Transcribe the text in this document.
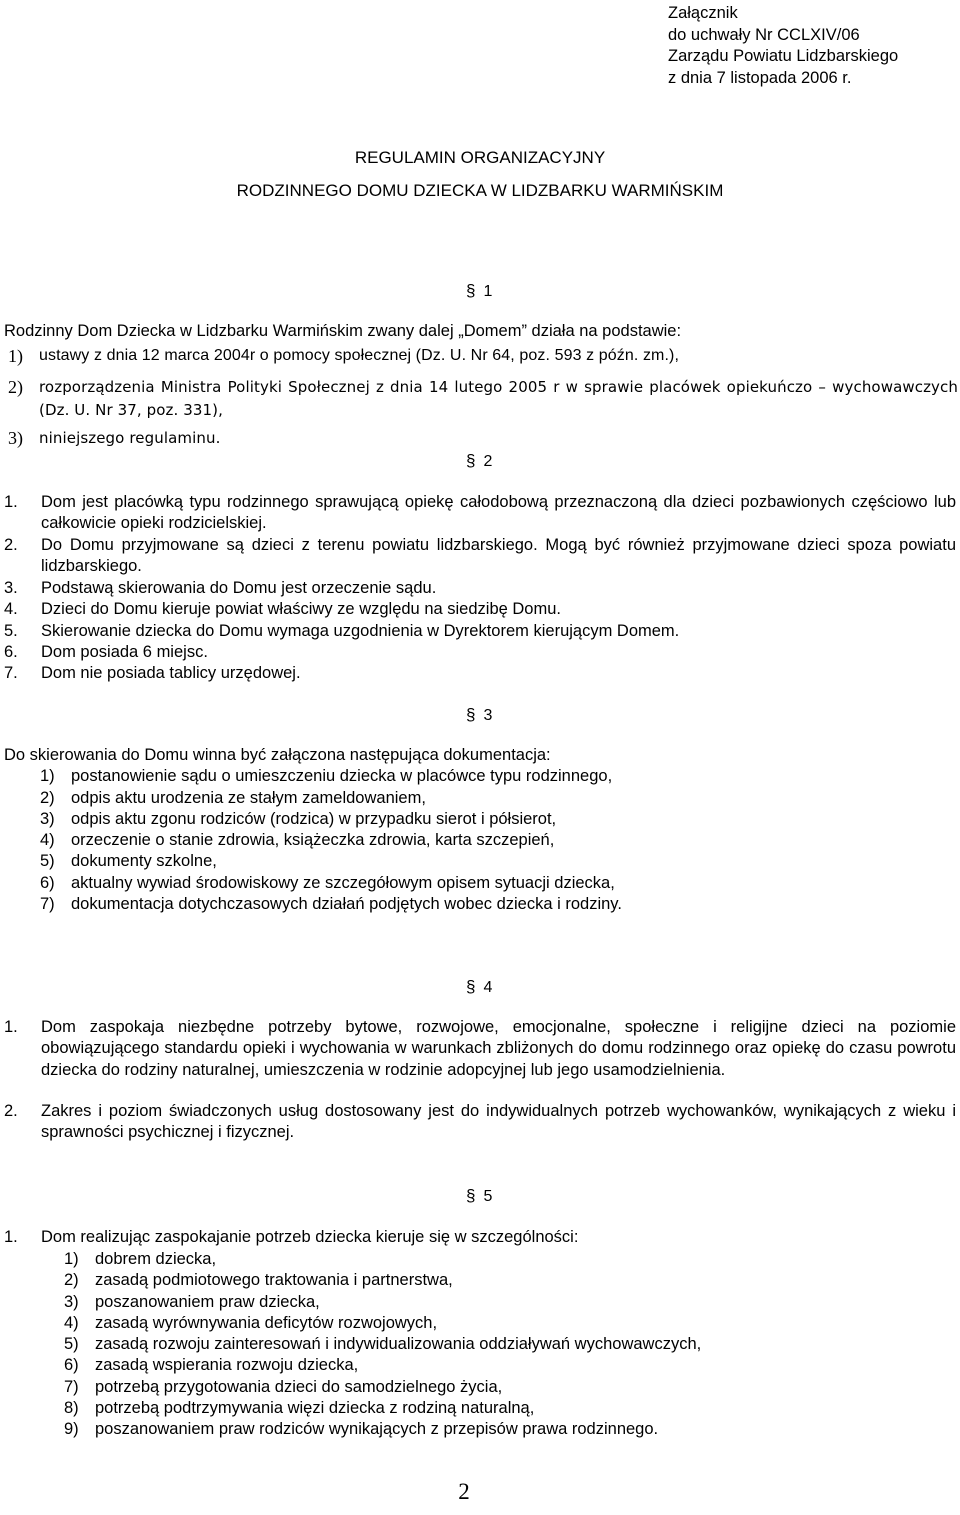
Załącznik
do uchwały Nr CCLXIV/06
Zarządu Powiatu Lidzbarskiego
z dnia 7 listopada 2006 r.
REGULAMIN ORGANIZACYJNY
RODZINNEGO DOMU DZIECKA W LIDZBARKU WARMIŃSKIM
§ 1
Rodzinny Dom Dziecka w Lidzbarku Warmińskim zwany dalej „Domem” działa na podstawie:
1)	ustawy z dnia 12 marca 2004r o pomocy społecznej (Dz. U. Nr 64, poz. 593 z późn. zm.),
2)	rozporządzenia Ministra Polityki Społecznej z dnia 14 lutego 2005 r w sprawie placówek opiekuńczo – wychowawczych (Dz. U. Nr 37, poz. 331),
3)	niniejszego regulaminu.
§ 2
1.	Dom jest placówką typu rodzinnego sprawującą opiekę całodobową przeznaczoną dla dzieci pozbawionych częściowo lub całkowicie opieki rodzicielskiej.
2.	Do Domu przyjmowane są dzieci z terenu powiatu lidzbarskiego. Mogą być również przyjmowane dzieci spoza powiatu lidzbarskiego.
3.	Podstawą skierowania do Domu jest orzeczenie sądu.
4.	Dzieci do Domu kieruje powiat właściwy ze względu na siedzibę Domu.
5.	Skierowanie dziecka do Domu wymaga uzgodnienia w Dyrektorem kierującym Domem.
6.	Dom posiada 6 miejsc.
7.	Dom nie posiada tablicy urzędowej.
§ 3
Do skierowania do Domu winna być załączona następująca dokumentacja:
1) postanowienie sądu o umieszczeniu dziecka w placówce typu rodzinnego,
2) odpis aktu urodzenia ze stałym zameldowaniem,
3) odpis aktu zgonu rodziców (rodzica) w przypadku sierot i półsierot,
4) orzeczenie o stanie zdrowia, książeczka zdrowia, karta szczepień,
5) dokumenty szkolne,
6) aktualny wywiad środowiskowy ze szczegółowym opisem sytuacji dziecka,
7) dokumentacja dotychczasowych działań podjętych wobec dziecka i rodziny.
§ 4
1.	Dom zaspokaja niezbędne potrzeby bytowe, rozwojowe, emocjonalne, społeczne i religijne dzieci na poziomie obowiązującego standardu opieki i wychowania w warunkach zbliżonych do domu rodzinnego oraz opiekę do czasu powrotu dziecka do rodziny naturalnej, umieszczenia w rodzinie adopcyjnej lub jego usamodzielnienia.
2.	Zakres i poziom świadczonych usług dostosowany jest do indywidualnych potrzeb wychowanków, wynikających z wieku i sprawności psychicznej i fizycznej.
§ 5
1.	Dom realizując zaspokajanie potrzeb dziecka kieruje się w szczególności:
1) dobrem dziecka,
2) zasadą podmiotowego traktowania i partnerstwa,
3) poszanowaniem praw dziecka,
4) zasadą wyrównywania deficytów rozwojowych,
5) zasadą rozwoju zainteresowań i indywidualizowania oddziaływań wychowawczych,
6) zasadą wspierania rozwoju dziecka,
7) potrzebą przygotowania dzieci do samodzielnego życia,
8) potrzebą podtrzymywania więzi dziecka z rodziną naturalną,
9) poszanowaniem praw rodziców wynikających z przepisów prawa rodzinnego.
2
